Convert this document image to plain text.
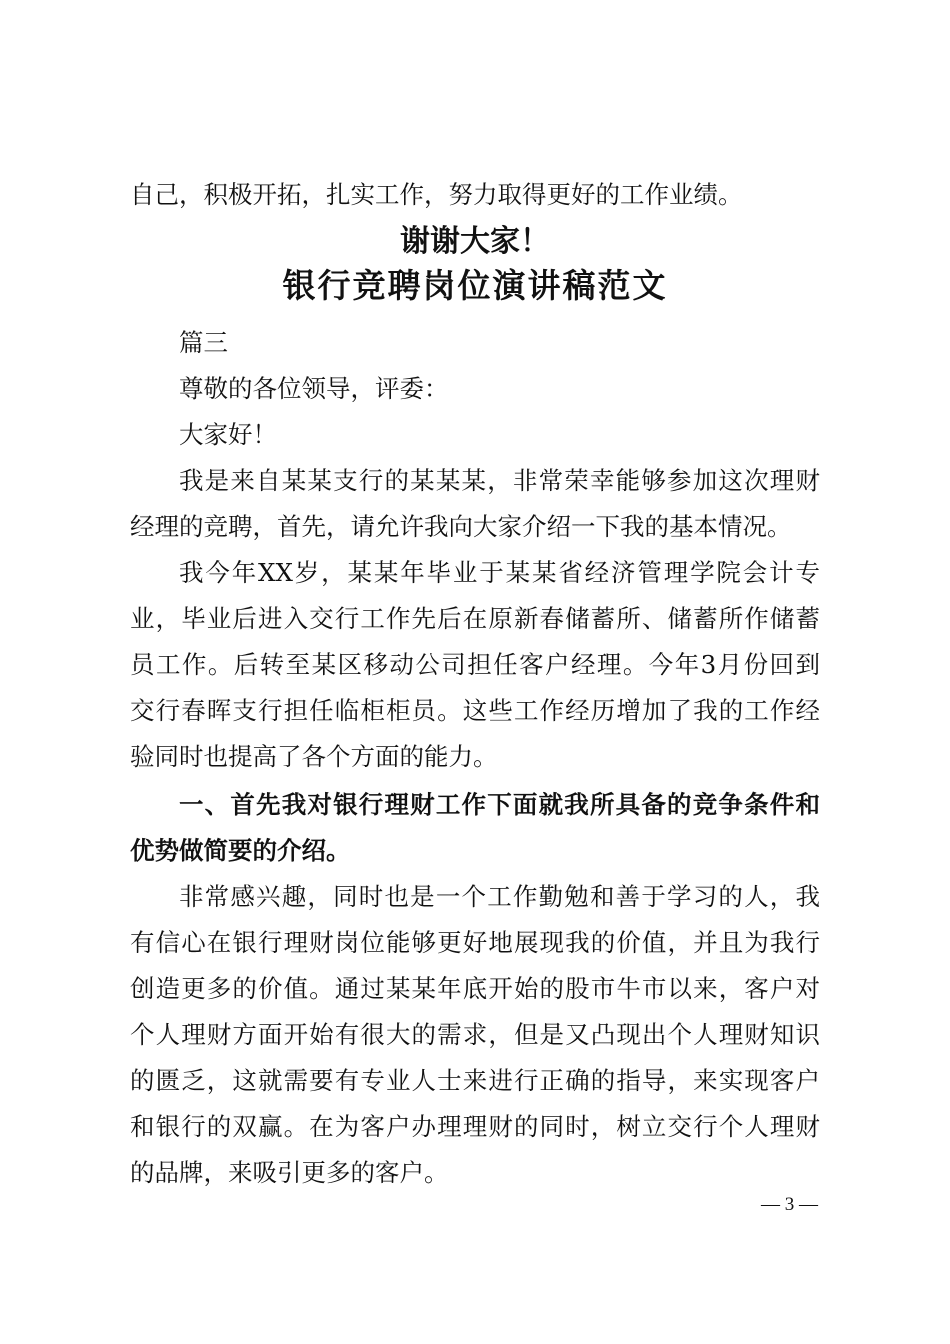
自己，积极开拓，扎实工作，努力取得更好的工作业绩。

谢谢大家！
银行竞聘岗位演讲稿范文

篇三

尊敬的各位领导，评委：

大家好！

我是来自某某支行的某某某，非常荣幸能够参加这次理财

经理的竞聘，首先，请允许我向大家介绍一下我的基本情况。

我今年XX岁，某某年毕业于某某省经济管理学院会计专

业，毕业后进入交行工作先后在原新春储蓄所、储蓄所作储蓄

员工作。后转至某区移动公司担任客户经理。今年3月份回到

交行春晖支行担任临柜柜员。这些工作经历增加了我的工作经

验同时也提高了各个方面的能力。

一、首先我对银行理财工作下面就我所具备的竞争条件和

优势做简要的介绍。

非常感兴趣，同时也是一个工作勤勉和善于学习的人，我

有信心在银行理财岗位能够更好地展现我的价值，并且为我行

创造更多的价值。通过某某年底开始的股市牛市以来，客户对

个人理财方面开始有很大的需求，但是又凸现出个人理财知识

的匮乏，这就需要有专业人士来进行正确的指导，来实现客户

和银行的双赢。在为客户办理理财的同时，树立交行个人理财

的品牌，来吸引更多的客户。

— 3 —
